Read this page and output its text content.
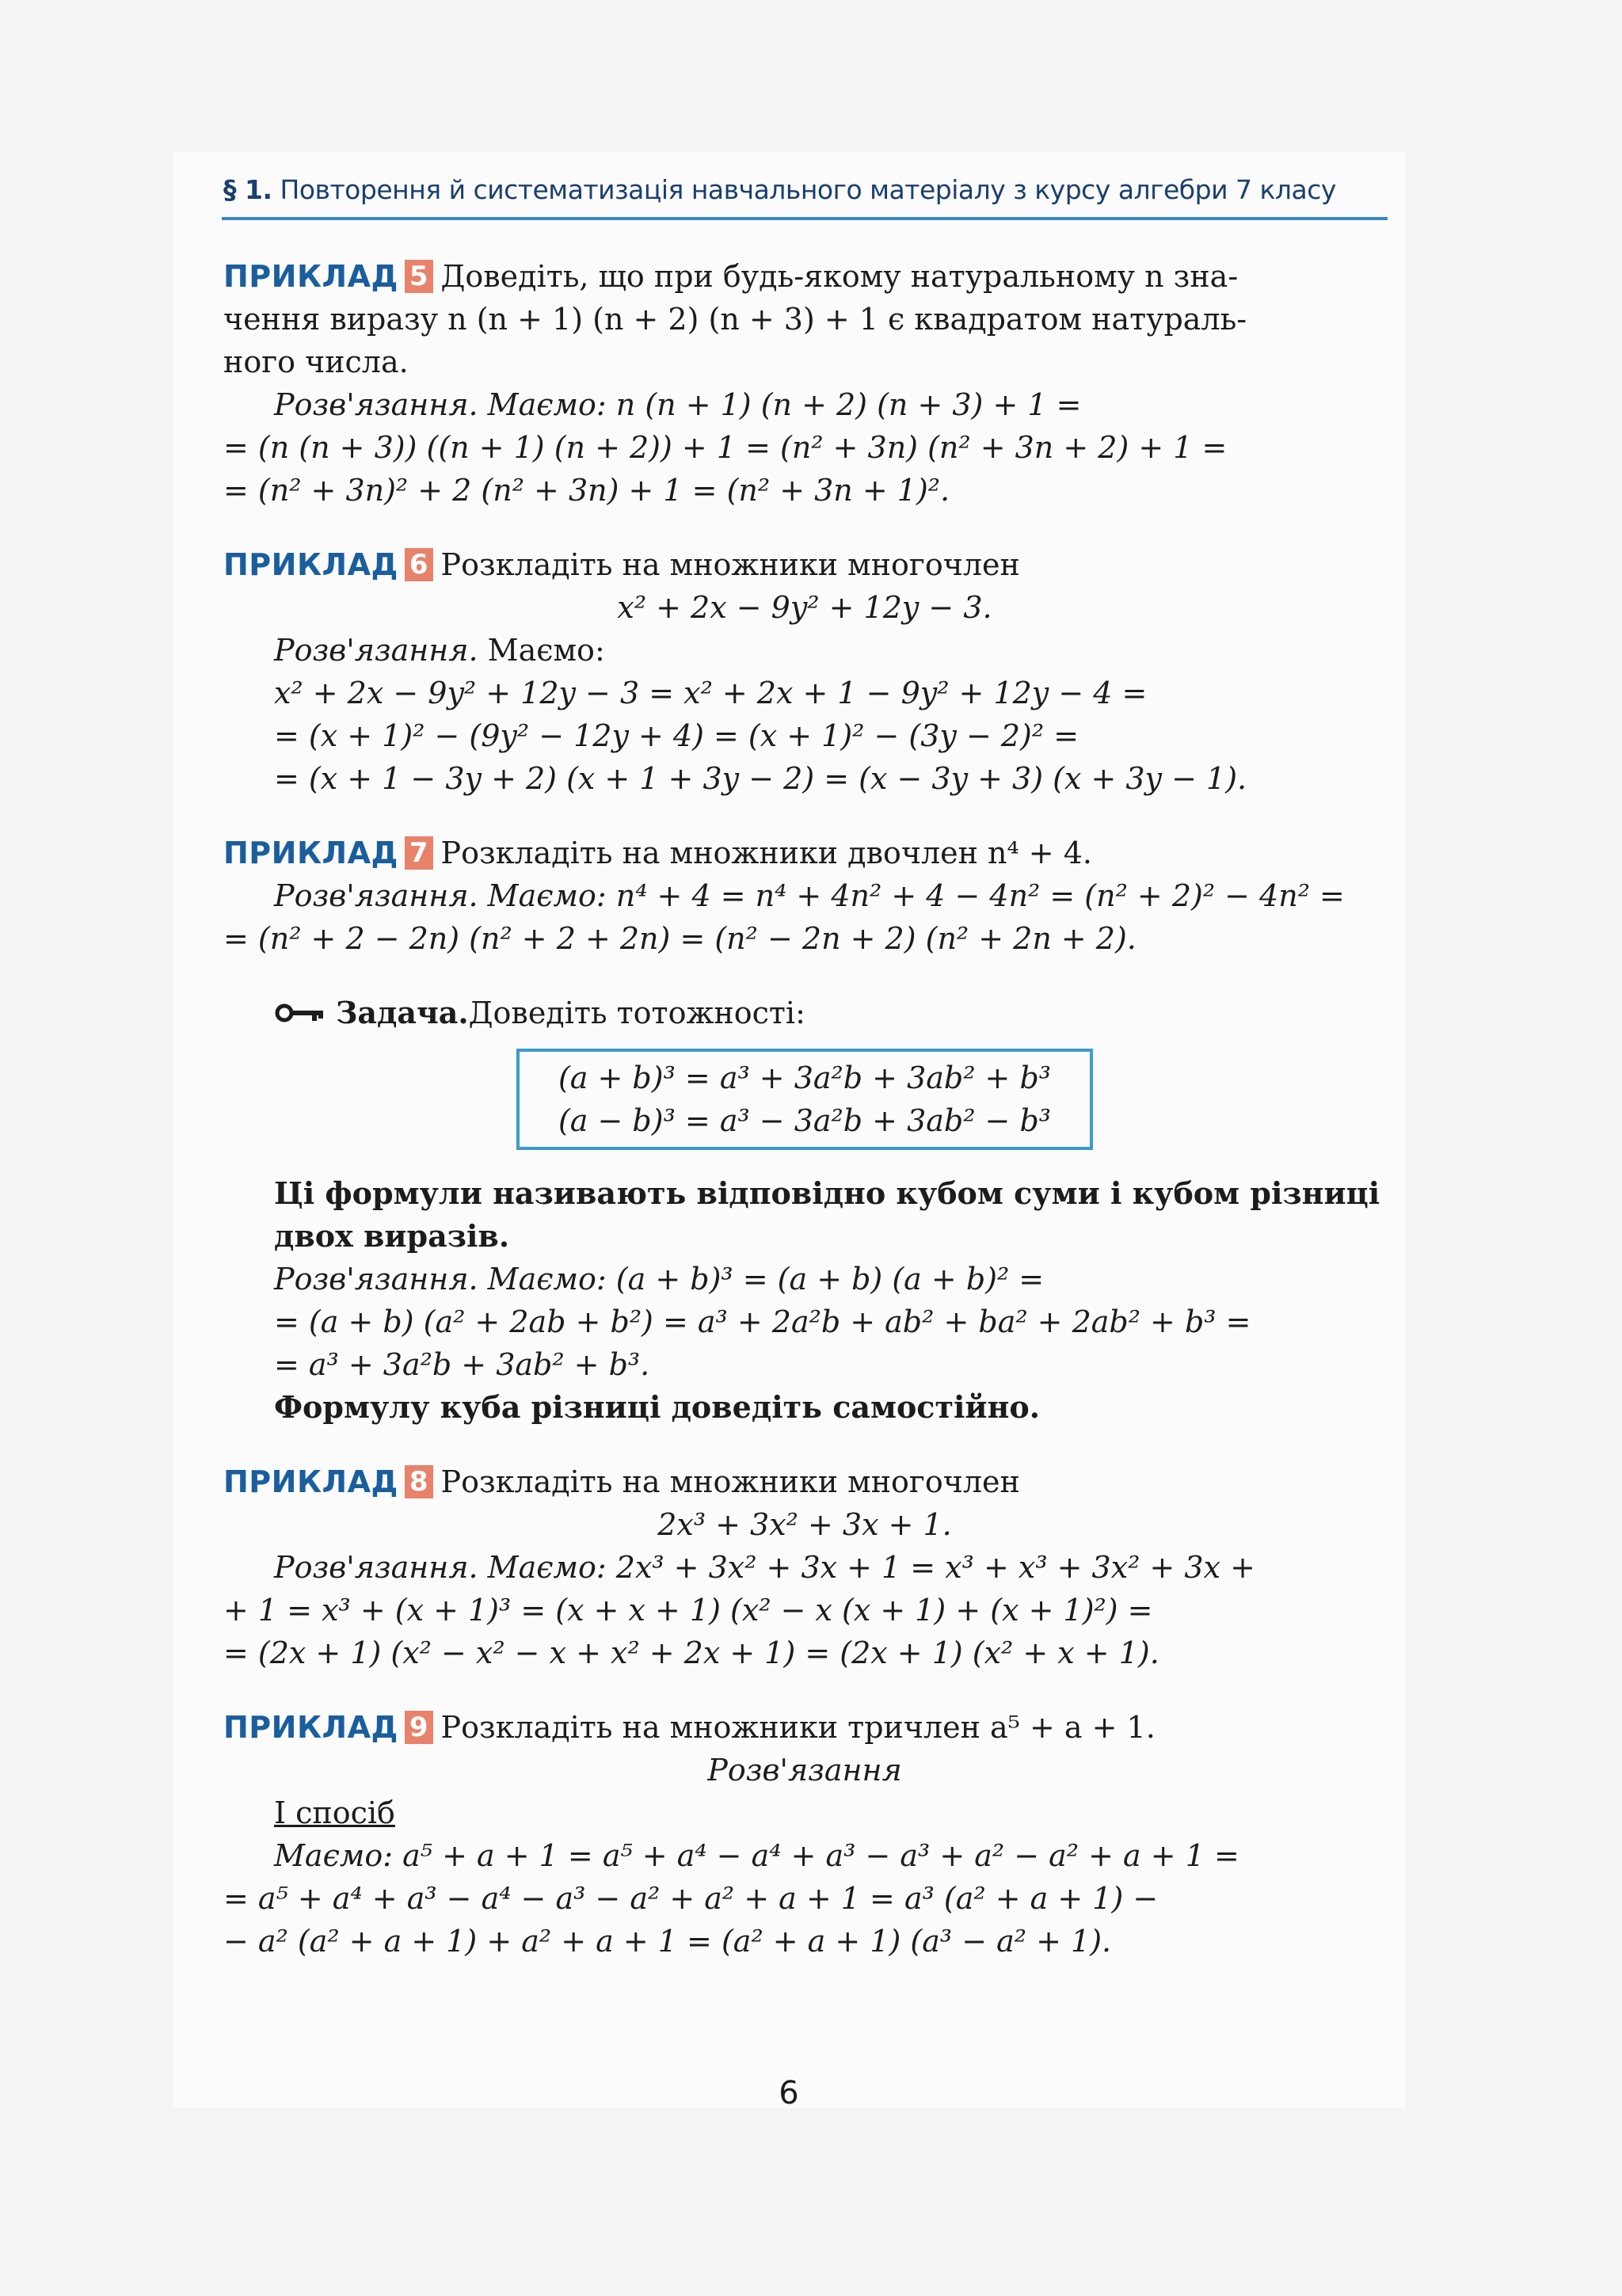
§ 1. Повторення й систематизація навчального матеріалу з курсу алгебри 7 класу

ПРИКЛАД 5 Доведіть, що при будь-якому натуральному n зна-

чення виразу n (n + 1) (n + 2) (n + 3) + 1 є квадратом натураль-

ного числа.

Розв'язання. Маємо: n (n + 1) (n + 2) (n + 3) + 1 =

= (n (n + 3)) ((n + 1) (n + 2)) + 1 = (n² + 3n) (n² + 3n + 2) + 1 =

= (n² + 3n)² + 2 (n² + 3n) + 1 = (n² + 3n + 1)².

ПРИКЛАД 6 Розкладіть на множники многочлен

x² + 2x − 9y² + 12y − 3.

Розв'язання. Маємо:

x² + 2x − 9y² + 12y − 3 = x² + 2x + 1 − 9y² + 12y − 4 =

= (x + 1)² − (9y² − 12y + 4) = (x + 1)² − (3y − 2)² =

= (x + 1 − 3y + 2) (x + 1 + 3y − 2) = (x − 3y + 3) (x + 3y − 1).

ПРИКЛАД 7 Розкладіть на множники двочлен n⁴ + 4.

Розв'язання. Маємо: n⁴ + 4 = n⁴ + 4n² + 4 − 4n² = (n² + 2)² − 4n² =

= (n² + 2 − 2n) (n² + 2 + 2n) = (n² − 2n + 2) (n² + 2n + 2).

Задача. Доведіть тотожності:

(a + b)³ = a³ + 3a²b + 3ab² + b³

(a − b)³ = a³ − 3a²b + 3ab² − b³

Ці формули називають відповідно кубом суми і кубом різниці двох виразів.

Розв'язання. Маємо: (a + b)³ = (a + b) (a + b)² =

= (a + b) (a² + 2ab + b²) = a³ + 2a²b + ab² + ba² + 2ab² + b³ =

= a³ + 3a²b + 3ab² + b³.

Формулу куба різниці доведіть самостійно.

ПРИКЛАД 8 Розкладіть на множники многочлен

2x³ + 3x² + 3x + 1.

Розв'язання. Маємо: 2x³ + 3x² + 3x + 1 = x³ + x³ + 3x² + 3x +

+ 1 = x³ + (x + 1)³ = (x + x + 1) (x² − x (x + 1) + (x + 1)²) =

= (2x + 1) (x² − x² − x + x² + 2x + 1) = (2x + 1) (x² + x + 1).

ПРИКЛАД 9 Розкладіть на множники тричлен a⁵ + a + 1.

Розв'язання

І спосіб

Маємо: a⁵ + a + 1 = a⁵ + a⁴ − a⁴ + a³ − a³ + a² − a² + a + 1 =

= a⁵ + a⁴ + a³ − a⁴ − a³ − a² + a² + a + 1 = a³ (a² + a + 1) −

− a² (a² + a + 1) + a² + a + 1 = (a² + a + 1) (a³ − a² + 1).

6
